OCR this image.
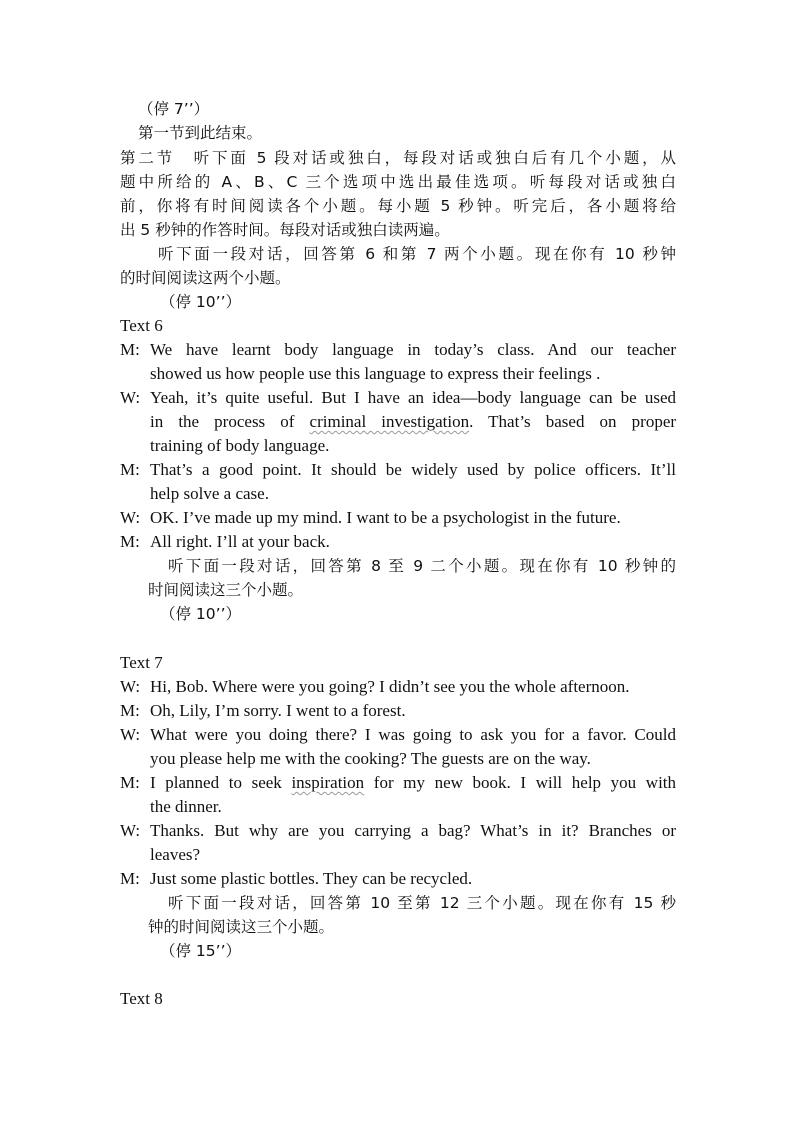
（停 7’’）
第一节到此结束。
第二节　听下面 5 段对话或独白，每段对话或独白后有几个小题，从
题中所给的 A、B、C 三个选项中选出最佳选项。听每段对话或独白
前，你将有时间阅读各个小题。每小题 5 秒钟。听完后，各小题将给
出 5 秒钟的作答时间。每段对话或独白读两遍。
听下面一段对话，回答第 6 和第 7 两个小题。现在你有 10 秒钟
的时间阅读这两个小题。
（停 10’’）
Text 6
M: We have learnt body language in today’s class. And our teacher
showed us how people use this language to express their feelings .
W: Yeah, it’s quite useful. But I have an idea—body language can be used
in the process of criminal investigation. That’s based on proper
training of body language.
M: That’s a good point. It should be widely used by police officers. It’ll
help solve a case.
W: OK. I’ve made up my mind. I want to be a psychologist in the future.
M: All right. I’ll at your back.
听下面一段对话，回答第 8 至 9 二个小题。现在你有 10 秒钟的
时间阅读这三个小题。
（停 10’’）
Text 7
W: Hi, Bob. Where were you going? I didn’t see you the whole afternoon.
M: Oh, Lily, I’m sorry. I went to a forest.
W: What were you doing there? I was going to ask you for a favor. Could
you please help me with the cooking? The guests are on the way.
M: I planned to seek inspiration for my new book. I will help you with
the dinner.
W: Thanks. But why are you carrying a bag? What’s in it? Branches or
leaves?
M: Just some plastic bottles. They can be recycled.
听下面一段对话，回答第 10 至第 12 三个小题。现在你有 15 秒
钟的时间阅读这三个小题。
（停 15’’）
Text 8
